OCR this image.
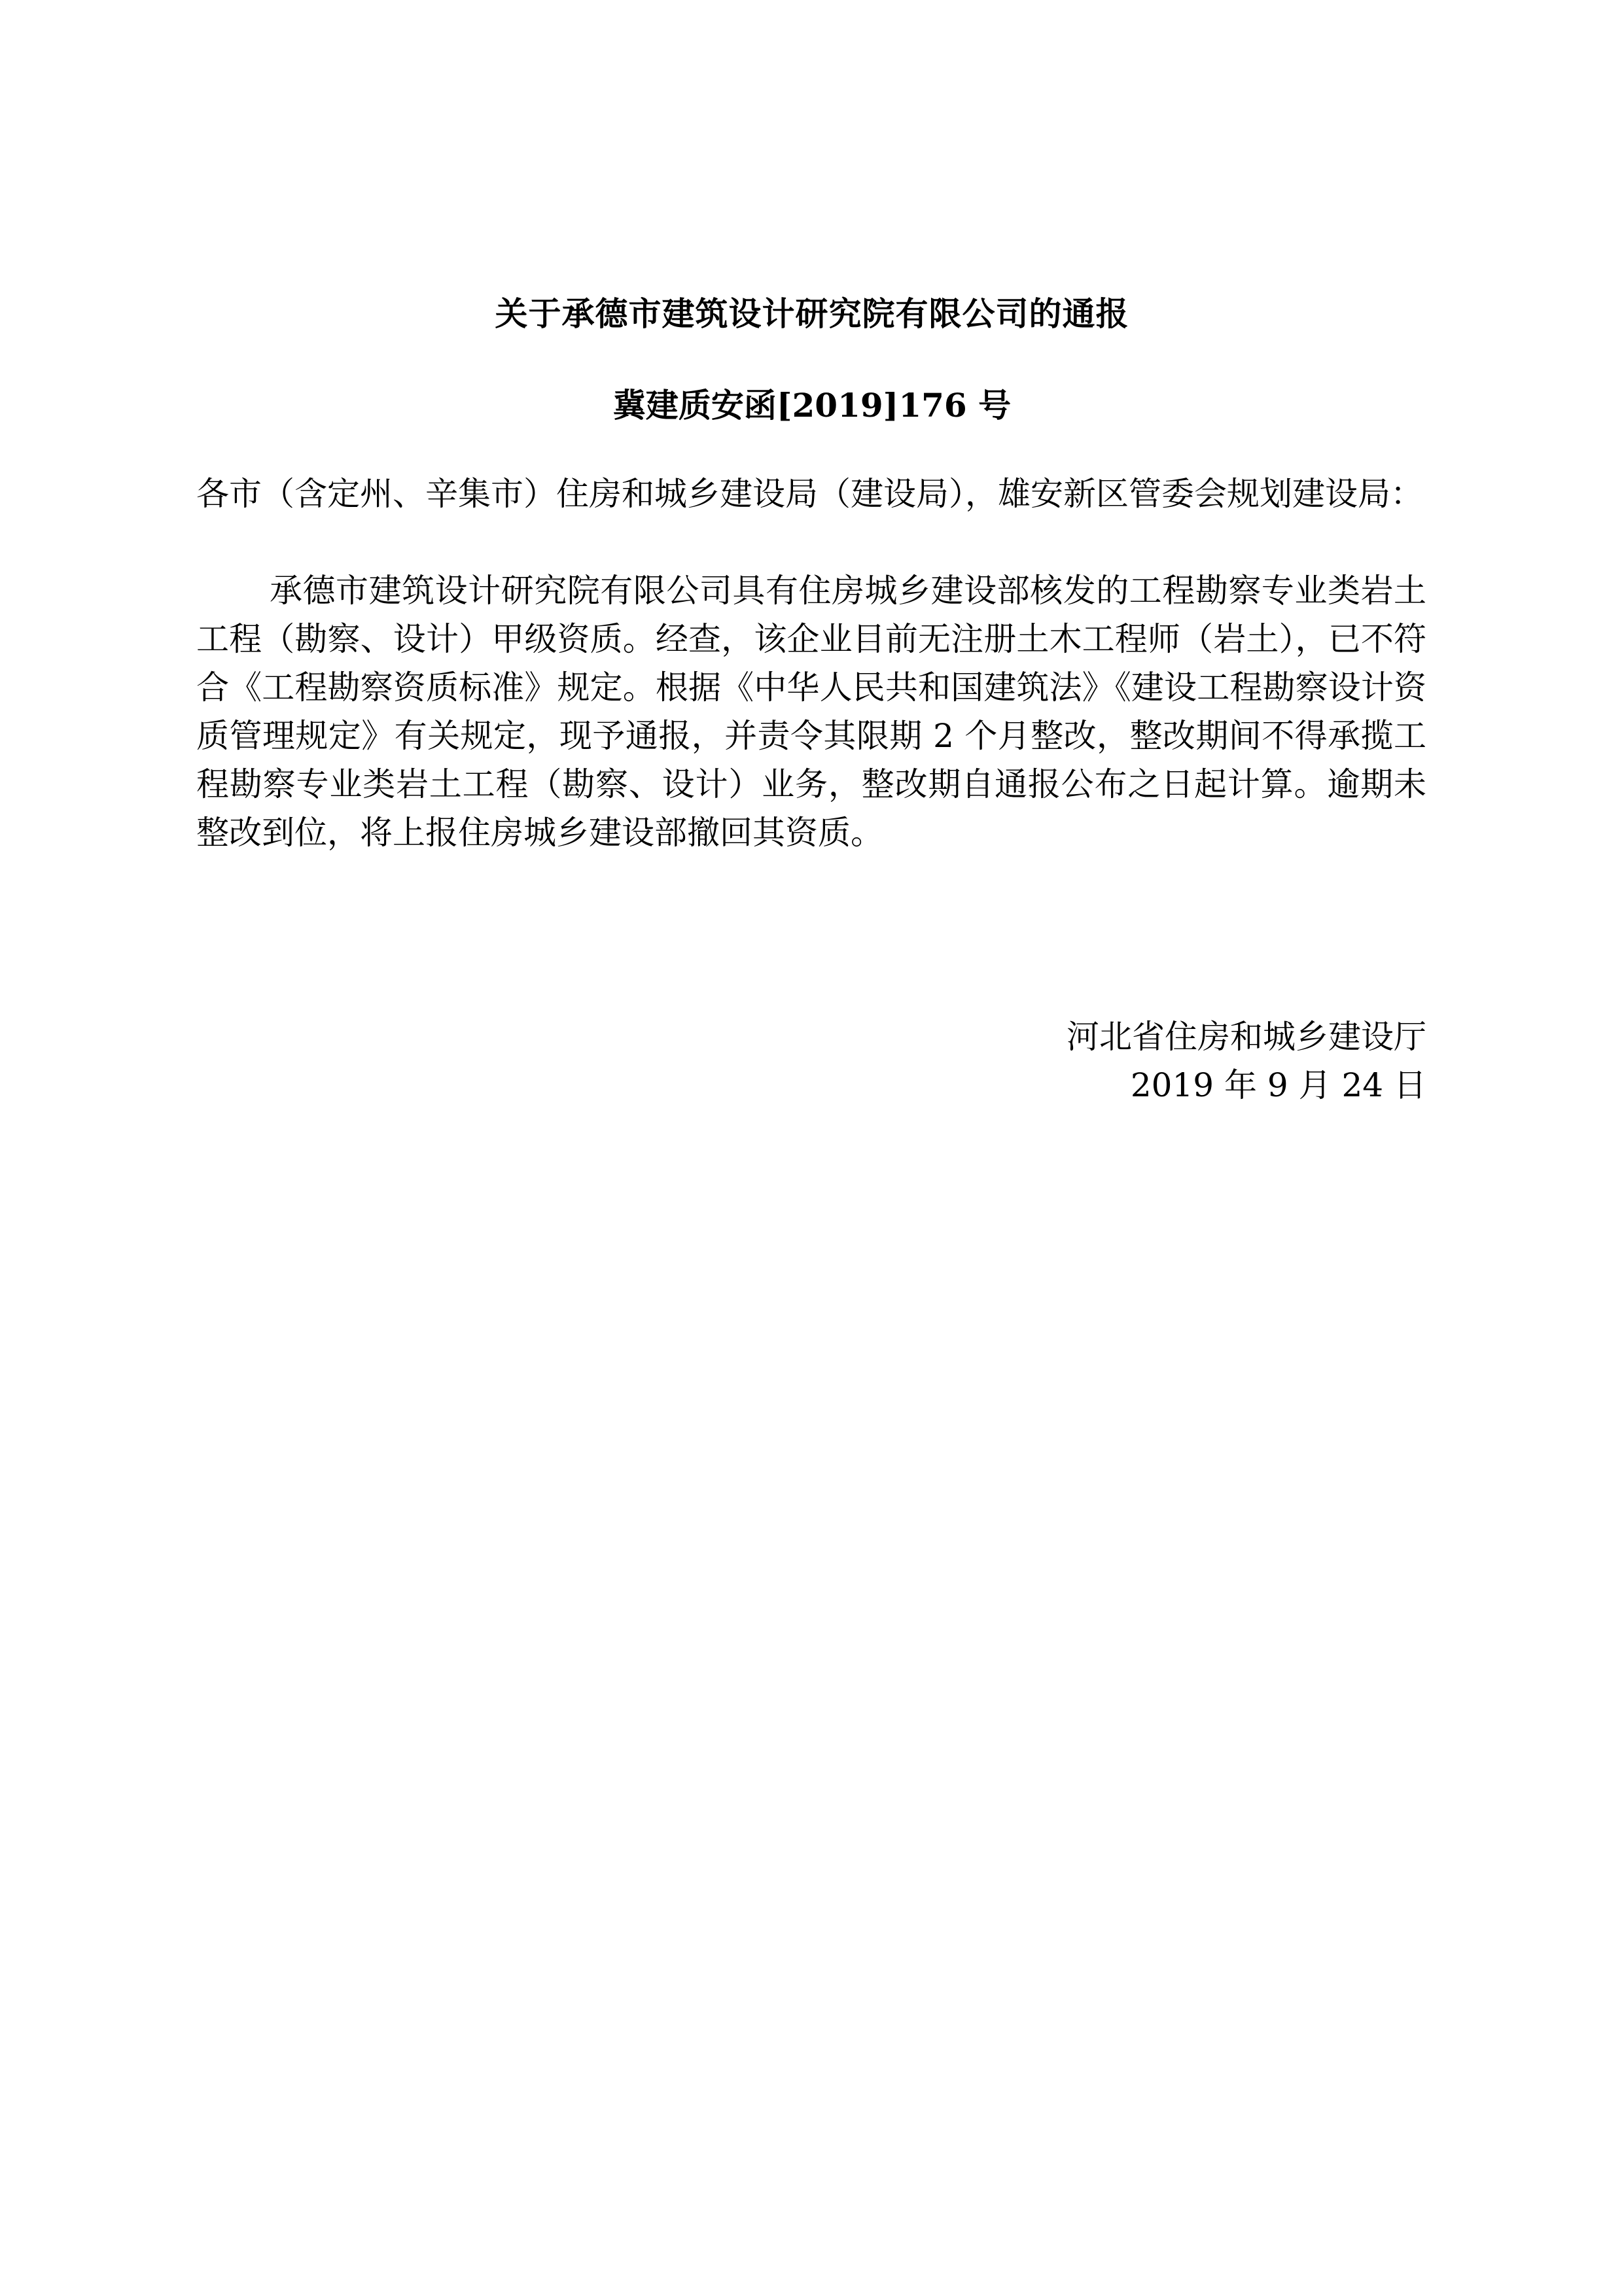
关于承德市建筑设计研究院有限公司的通报
冀建质安函[2019]176 号
各市（含定州、辛集市）住房和城乡建设局（建设局），雄安新区管委会规划建设局：
承德市建筑设计研究院有限公司具有住房城乡建设部核发的工程勘察专业类岩土工程（勘察、设计）甲级资质。经查，该企业目前无注册土木工程师（岩土），已不符合《工程勘察资质标准》规定。根据《中华人民共和国建筑法》《建设工程勘察设计资质管理规定》有关规定，现予通报，并责令其限期 2 个月整改，整改期间不得承揽工程勘察专业类岩土工程（勘察、设计）业务，整改期自通报公布之日起计算。逾期未整改到位，将上报住房城乡建设部撤回其资质。
河北省住房和城乡建设厅
2019 年 9 月 24 日
